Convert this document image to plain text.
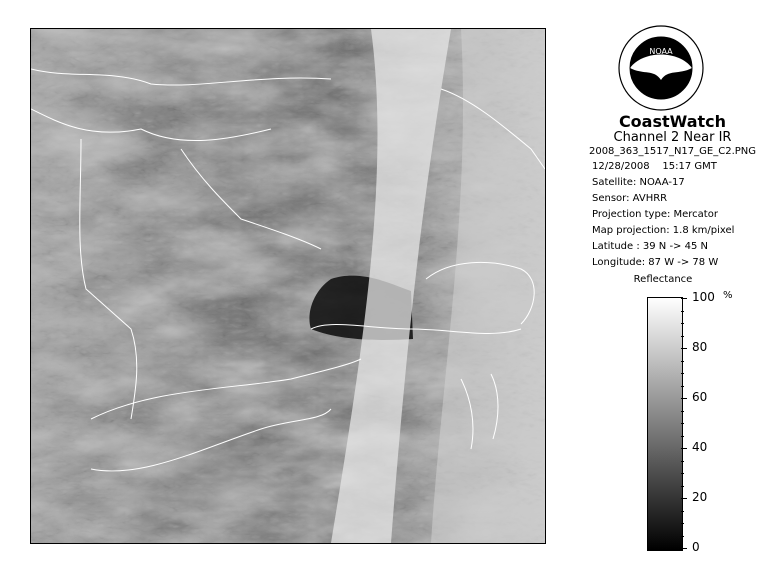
NOAA
CoastWatch
Channel 2 Near IR
2008_363_1517_N17_GE_C2.PNG
12/28/2008 15:17 GMT
Satellite: NOAA-17
Sensor: AVHRR
Projection type: Mercator
Map projection: 1.8 km/pixel
Latitude : 39 N -> 45 N
Longitude: 87 W -> 78 W
Reflectance
%
100
80
60
40
20
0
